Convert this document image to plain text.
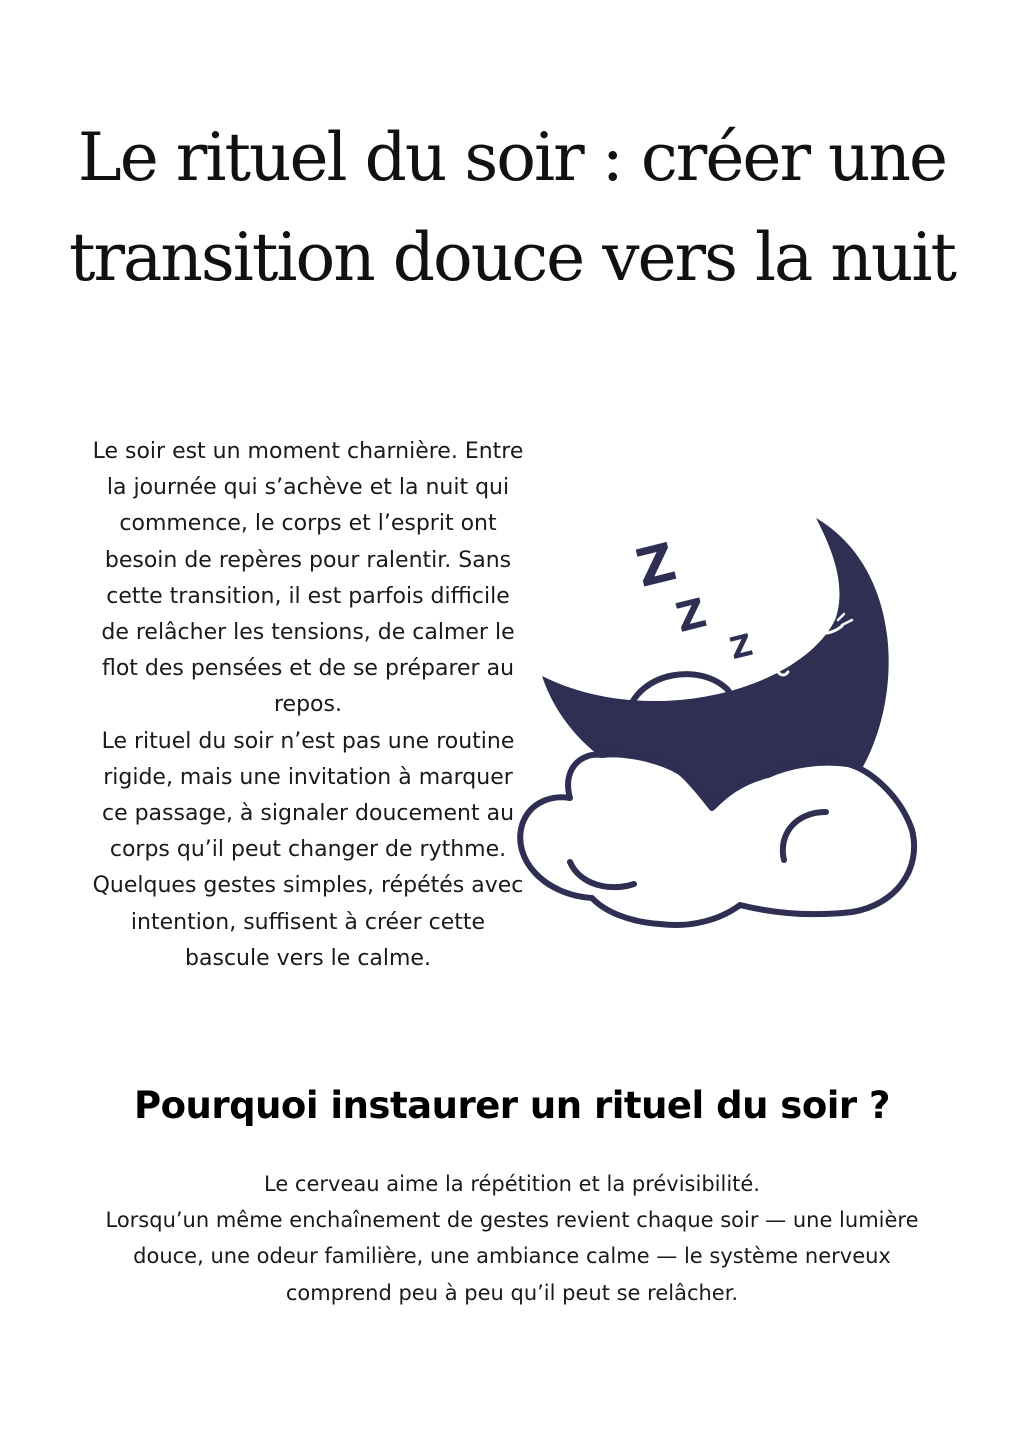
Le rituel du soir : créer une transition douce vers la nuit

Le soir est un moment charnière. Entre la journée qui s’achève et la nuit qui commence, le corps et l’esprit ont besoin de repères pour ralentir. Sans cette transition, il est parfois difficile de relâcher les tensions, de calmer le flot des pensées et de se préparer au repos.

Le rituel du soir n’est pas une routine rigide, mais une invitation à marquer ce passage, à signaler doucement au corps qu’il peut changer de rythme. Quelques gestes simples, répétés avec intention, suffisent à créer cette bascule vers le calme.

Z
Z
Z
Pourquoi instaurer un rituel du soir ?

Le cerveau aime la répétition et la prévisibilité.

Lorsqu’un même enchaînement de gestes revient chaque soir — une lumière douce, une odeur familière, une ambiance calme — le système nerveux comprend peu à peu qu’il peut se relâcher.
